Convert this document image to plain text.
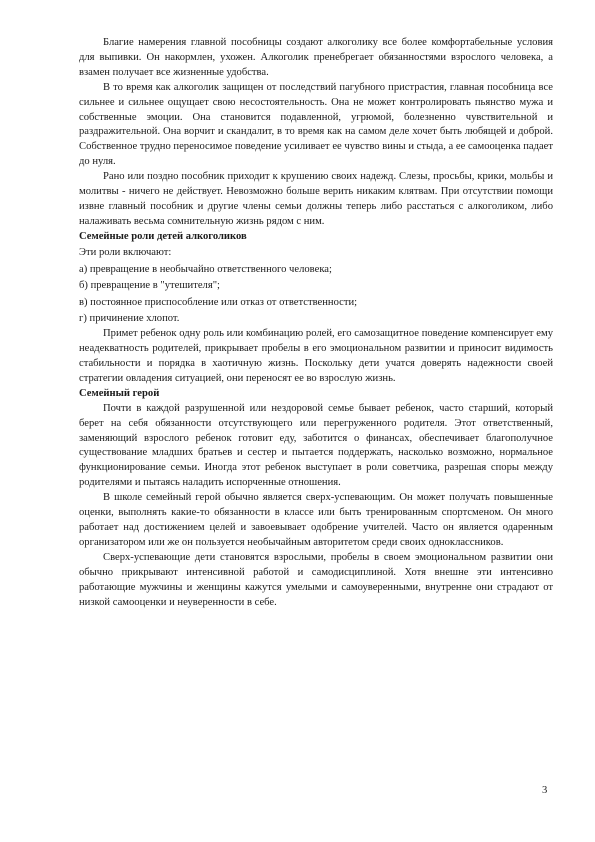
Благие намерения главной пособницы создают алкоголику все более комфортабельные условия для выпивки. Он накормлен, ухожен. Алкоголик пренебрегает обязанностями взрослого человека, а взамен получает все жизненные удобства.

В то время как алкоголик защищен от последствий пагубного пристрастия, главная пособница все сильнее и сильнее ощущает свою несостоятельность. Она не может контролировать пьянство мужа и собственные эмоции. Она становится подавленной, угрюмой, болезненно чувствительной и раздражительной. Она ворчит и скандалит, в то время как на самом деле хочет быть любящей и доброй. Собственное трудно переносимое поведение усиливает ее чувство вины и стыда, а ее самооценка падает до нуля.

Рано или поздно пособник приходит к крушению своих надежд. Слезы, просьбы, крики, мольбы и молитвы - ничего не действует. Невозможно больше верить никаким клятвам. При отсутствии помощи извне главный пособник и другие члены семьи должны теперь либо расстаться с алкоголиком, либо налаживать весьма сомнительную жизнь рядом с ним.

Семейные роли детей алкоголиков

Эти роли включают:

а) превращение в необычайно ответственного человека;

б) превращение в "утешителя";

в) постоянное приспособление или отказ от ответственности;

г) причинение хлопот.

Примет ребенок одну роль или комбинацию ролей, его самозащитное поведение компенсирует ему неадекватность родителей, прикрывает пробелы в его эмоциональном развитии и приносит видимость стабильности и порядка в хаотичную жизнь. Поскольку дети учатся доверять надежности своей стратегии овладения ситуацией, они переносят ее во взрослую жизнь.

Семейный герой

Почти в каждой разрушенной или нездоровой семье бывает ребенок, часто старший, который берет на себя обязанности отсутствующего или перегруженного родителя. Этот ответственный, заменяющий взрослого ребенок готовит еду, заботится о финансах, обеспечивает благополучное существование младших братьев и сестер и пытается поддержать, насколько возможно, нормальное функционирование семьи. Иногда этот ребенок выступает в роли советчика, разрешая споры между родителями и пытаясь наладить испорченные отношения.

В школе семейный герой обычно является сверх-успевающим. Он может получать повышенные оценки, выполнять какие-то обязанности в классе или быть тренированным спортсменом. Он много работает над достижением целей и завоевывает одобрение учителей. Часто он является одаренным организатором или же он пользуется необычайным авторитетом среди своих одноклассников.

Сверх-успевающие дети становятся взрослыми, пробелы в своем эмоциональном развитии они обычно прикрывают интенсивной работой и самодисциплиной. Хотя внешне эти интенсивно работающие мужчины и женщины кажутся умелыми и самоуверенными, внутренне они страдают от низкой самооценки и неуверенности в себе.

3
